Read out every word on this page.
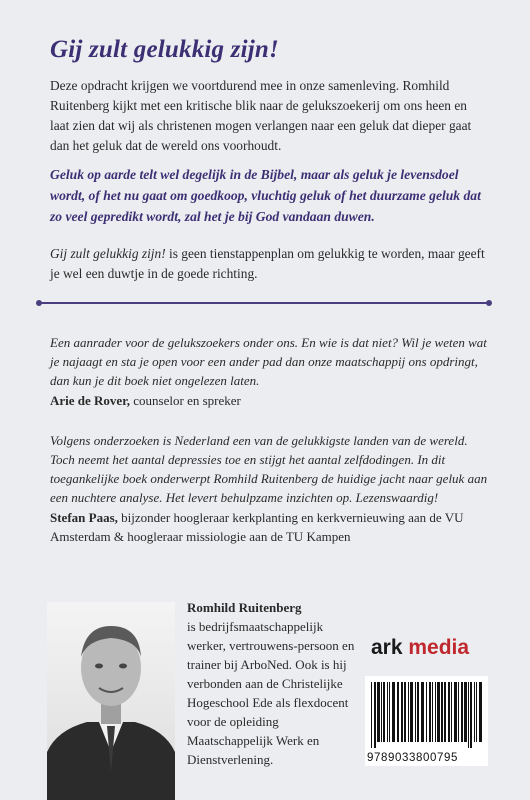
Gij zult gelukkig zijn!
Deze opdracht krijgen we voortdurend mee in onze samenleving. Romhild Ruitenberg kijkt met een kritische blik naar de gelukszoekerij om ons heen en laat zien dat wij als christenen mogen verlangen naar een geluk dat dieper gaat dan het geluk dat de wereld ons voorhoudt.
Geluk op aarde telt wel degelijk in de Bijbel, maar als geluk je levensdoel wordt, of het nu gaat om goedkoop, vluchtig geluk of het duurzame geluk dat zo veel gepredikt wordt, zal het je bij God vandaan duwen.
Gij zult gelukkig zijn! is geen tienstappenplan om gelukkig te worden, maar geeft je wel een duwtje in de goede richting.
Een aanrader voor de gelukszoekers onder ons. En wie is dat niet? Wil je weten wat je najaagt en sta je open voor een ander pad dan onze maatschappij ons opdringt, dan kun je dit boek niet ongelezen laten.
Arie de Rover, counselor en spreker
Volgens onderzoeken is Nederland een van de gelukkigste landen van de wereld. Toch neemt het aantal depressies toe en stijgt het aantal zelfdodingen. In dit toegankelijke boek onderwerpt Romhild Ruitenberg de huidige jacht naar geluk aan een nuchtere analyse. Het levert behulpzame inzichten op. Lezenswaardig!
Stefan Paas, bijzonder hoogleraar kerkplanting en kerkvernieuwing aan de VU Amsterdam & hoogleraar missiologie aan de TU Kampen
Romhild Ruitenberg
is bedrijfsmaatschappelijk werker, vertrouwens-persoon en trainer bij ArboNed. Ook is hij verbonden aan de Christelijke Hogeschool Ede als flexdocent voor de opleiding Maatschappelijk Werk en Dienstverlening.
ark media
9789033800795
